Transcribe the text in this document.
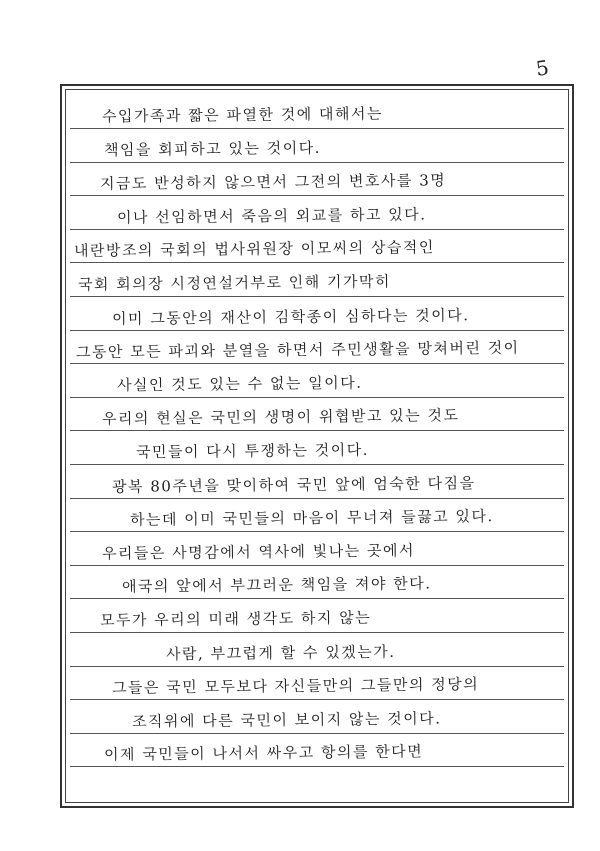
5
수입가족과 짧은 파열한 것에 대해서는
책임을 회피하고 있는 것이다.
지금도 반성하지 않으면서 그전의 변호사를 3명
이나 선임하면서 죽음의 외교를 하고 있다.
내란방조의 국회의 법사위원장 이모씨의 상습적인
국회 회의장 시정연설거부로 인해 기가막히
이미 그동안의 재산이 김학종이 심하다는 것이다.
그동안 모든 파괴와 분열을 하면서 주민생활을 망쳐버린 것이
사실인 것도 있는 수 없는 일이다.
우리의 현실은 국민의 생명이 위협받고 있는 것도
국민들이 다시 투쟁하는 것이다.
광복 80주년을 맞이하여 국민 앞에 엄숙한 다짐을
하는데 이미 국민들의 마음이 무너져 들끓고 있다.
우리들은 사명감에서 역사에 빛나는 곳에서
애국의 앞에서 부끄러운 책임을 져야 한다.
모두가 우리의 미래 생각도 하지 않는
사람, 부끄럽게 할 수 있겠는가.
그들은 국민 모두보다 자신들만의 그들만의 정당의
조직위에 다른 국민이 보이지 않는 것이다.
이제 국민들이 나서서 싸우고 항의를 한다면
